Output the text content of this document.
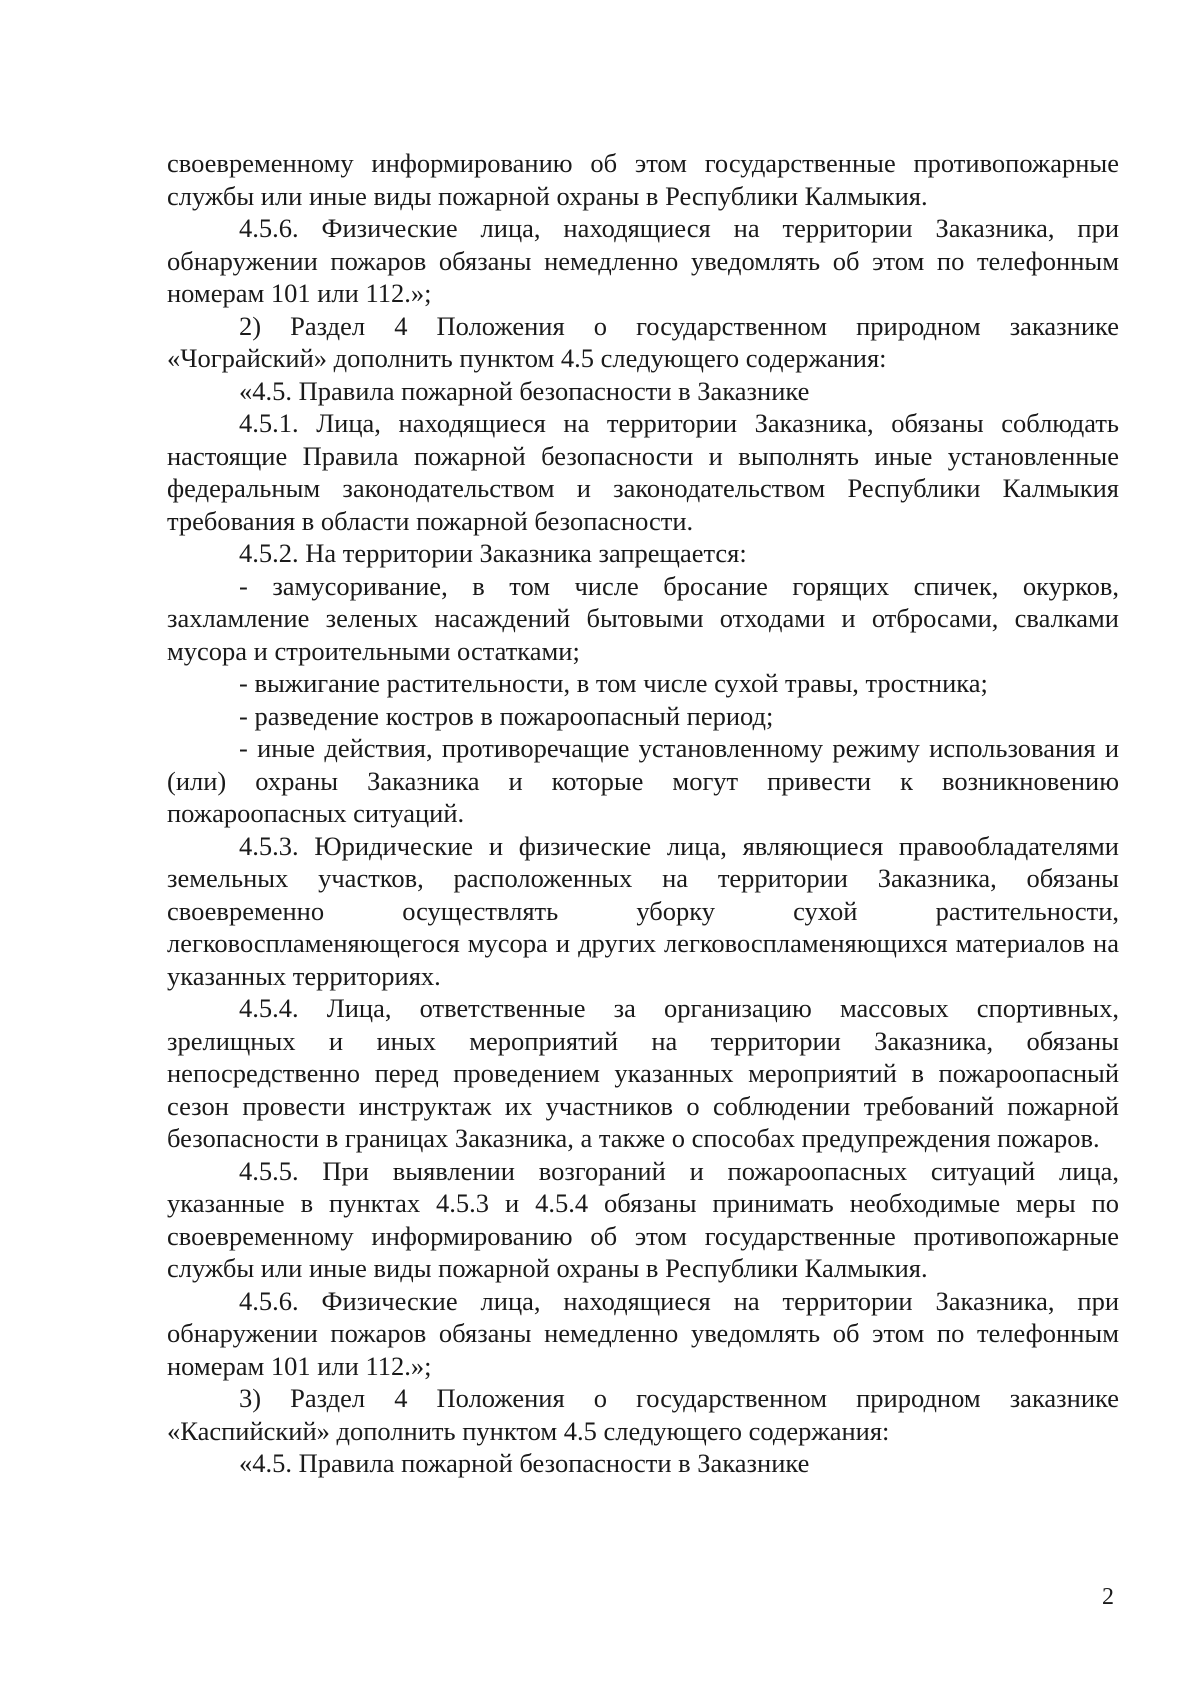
своевременному информированию об этом государственные противопожарные службы или иные виды пожарной охраны в Республики Калмыкия.

4.5.6. Физические лица, находящиеся на территории Заказника, при обнаружении пожаров обязаны немедленно уведомлять об этом по телефонным номерам 101 или 112.»;

2) Раздел 4 Положения о государственном природном заказнике «Чограйский» дополнить пунктом 4.5 следующего содержания:

«4.5. Правила пожарной безопасности в Заказнике

4.5.1. Лица, находящиеся на территории Заказника, обязаны соблюдать настоящие Правила пожарной безопасности и выполнять иные установленные федеральным законодательством и законодательством Республики Калмыкия требования в области пожарной безопасности.

4.5.2. На территории Заказника запрещается:

- замусоривание, в том числе бросание горящих спичек, окурков, захламление зеленых насаждений бытовыми отходами и отбросами, свалками мусора и строительными остатками;

- выжигание растительности, в том числе сухой травы, тростника;

- разведение костров в пожароопасный период;

- иные действия, противоречащие установленному режиму использования и (или) охраны Заказника и которые могут привести к возникновению пожароопасных ситуаций.

4.5.3. Юридические и физические лица, являющиеся правообладателями земельных участков, расположенных на территории Заказника, обязаны своевременно осуществлять уборку сухой растительности, легковоспламеняющегося мусора и других легковоспламеняющихся материалов на указанных территориях.

4.5.4. Лица, ответственные за организацию массовых спортивных, зрелищных и иных мероприятий на территории Заказника, обязаны непосредственно перед проведением указанных мероприятий в пожароопасный сезон провести инструктаж их участников о соблюдении требований пожарной безопасности в границах Заказника, а также о способах предупреждения пожаров.

4.5.5. При выявлении возгораний и пожароопасных ситуаций лица, указанные в пунктах 4.5.3 и 4.5.4 обязаны принимать необходимые меры по своевременному информированию об этом государственные противопожарные службы или иные виды пожарной охраны в Республики Калмыкия.

4.5.6. Физические лица, находящиеся на территории Заказника, при обнаружении пожаров обязаны немедленно уведомлять об этом по телефонным номерам 101 или 112.»;

3) Раздел 4 Положения о государственном природном заказнике «Каспийский» дополнить пунктом 4.5 следующего содержания:

«4.5. Правила пожарной безопасности в Заказнике

2
